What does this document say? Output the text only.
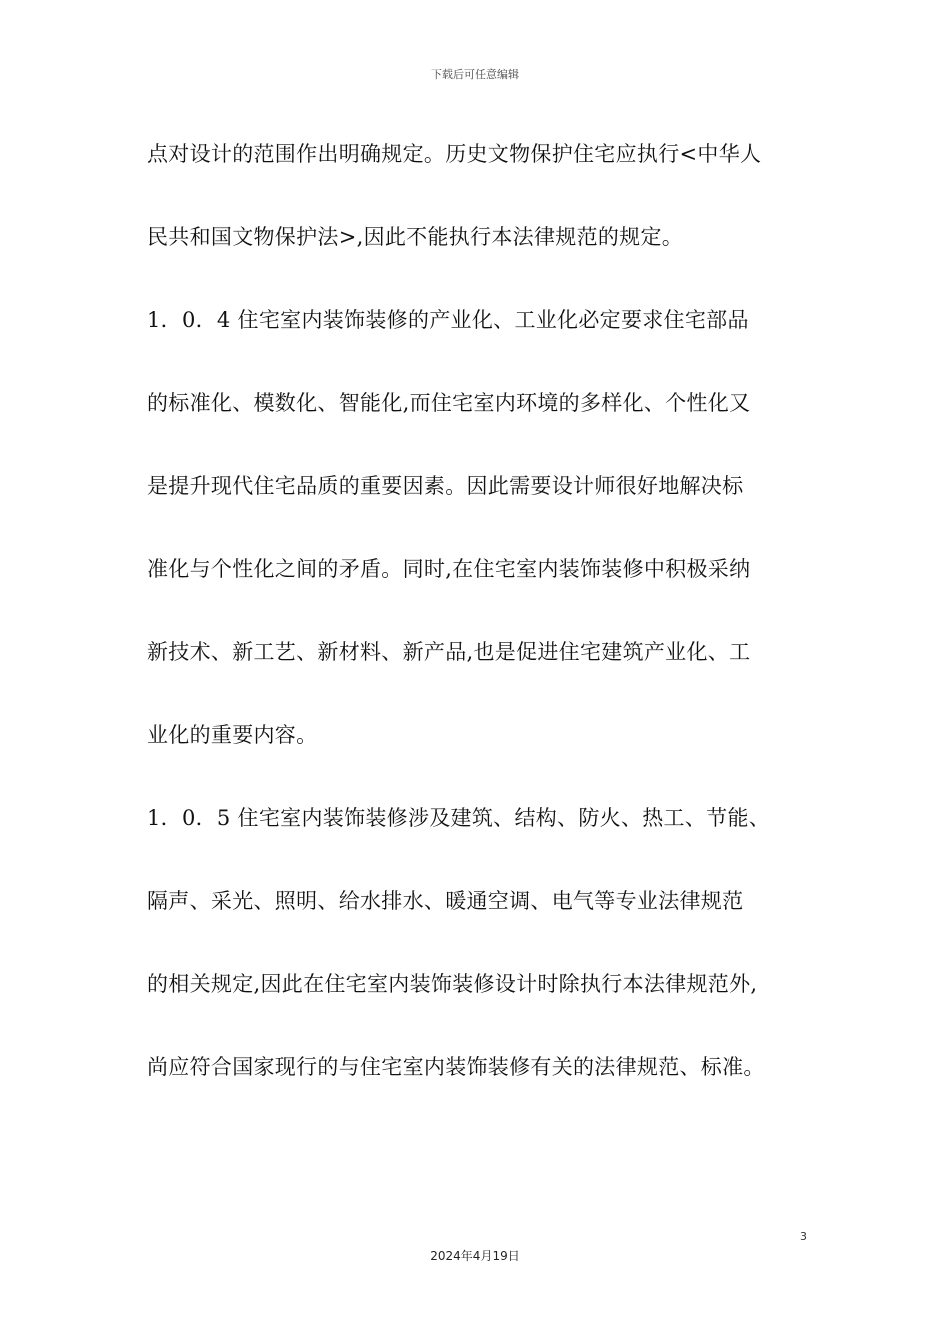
下载后可任意编辑
点对设计的范围作出明确规定。历史文物保护住宅应执行<中华人
民共和国文物保护法>,因此不能执行本法律规范的规定。
1．0．4 住宅室内装饰装修的产业化、工业化必定要求住宅部品
的标准化、模数化、智能化,而住宅室内环境的多样化、个性化又
是提升现代住宅品质的重要因素。因此需要设计师很好地解决标
准化与个性化之间的矛盾。同时,在住宅室内装饰装修中积极采纳
新技术、新工艺、新材料、新产品,也是促进住宅建筑产业化、工
业化的重要内容。
1．0．5 住宅室内装饰装修涉及建筑、结构、防火、热工、节能、
隔声、采光、照明、给水排水、暖通空调、电气等专业法律规范
的相关规定,因此在住宅室内装饰装修设计时除执行本法律规范外,
尚应符合国家现行的与住宅室内装饰装修有关的法律规范、标准。
3
2024年4月19日
